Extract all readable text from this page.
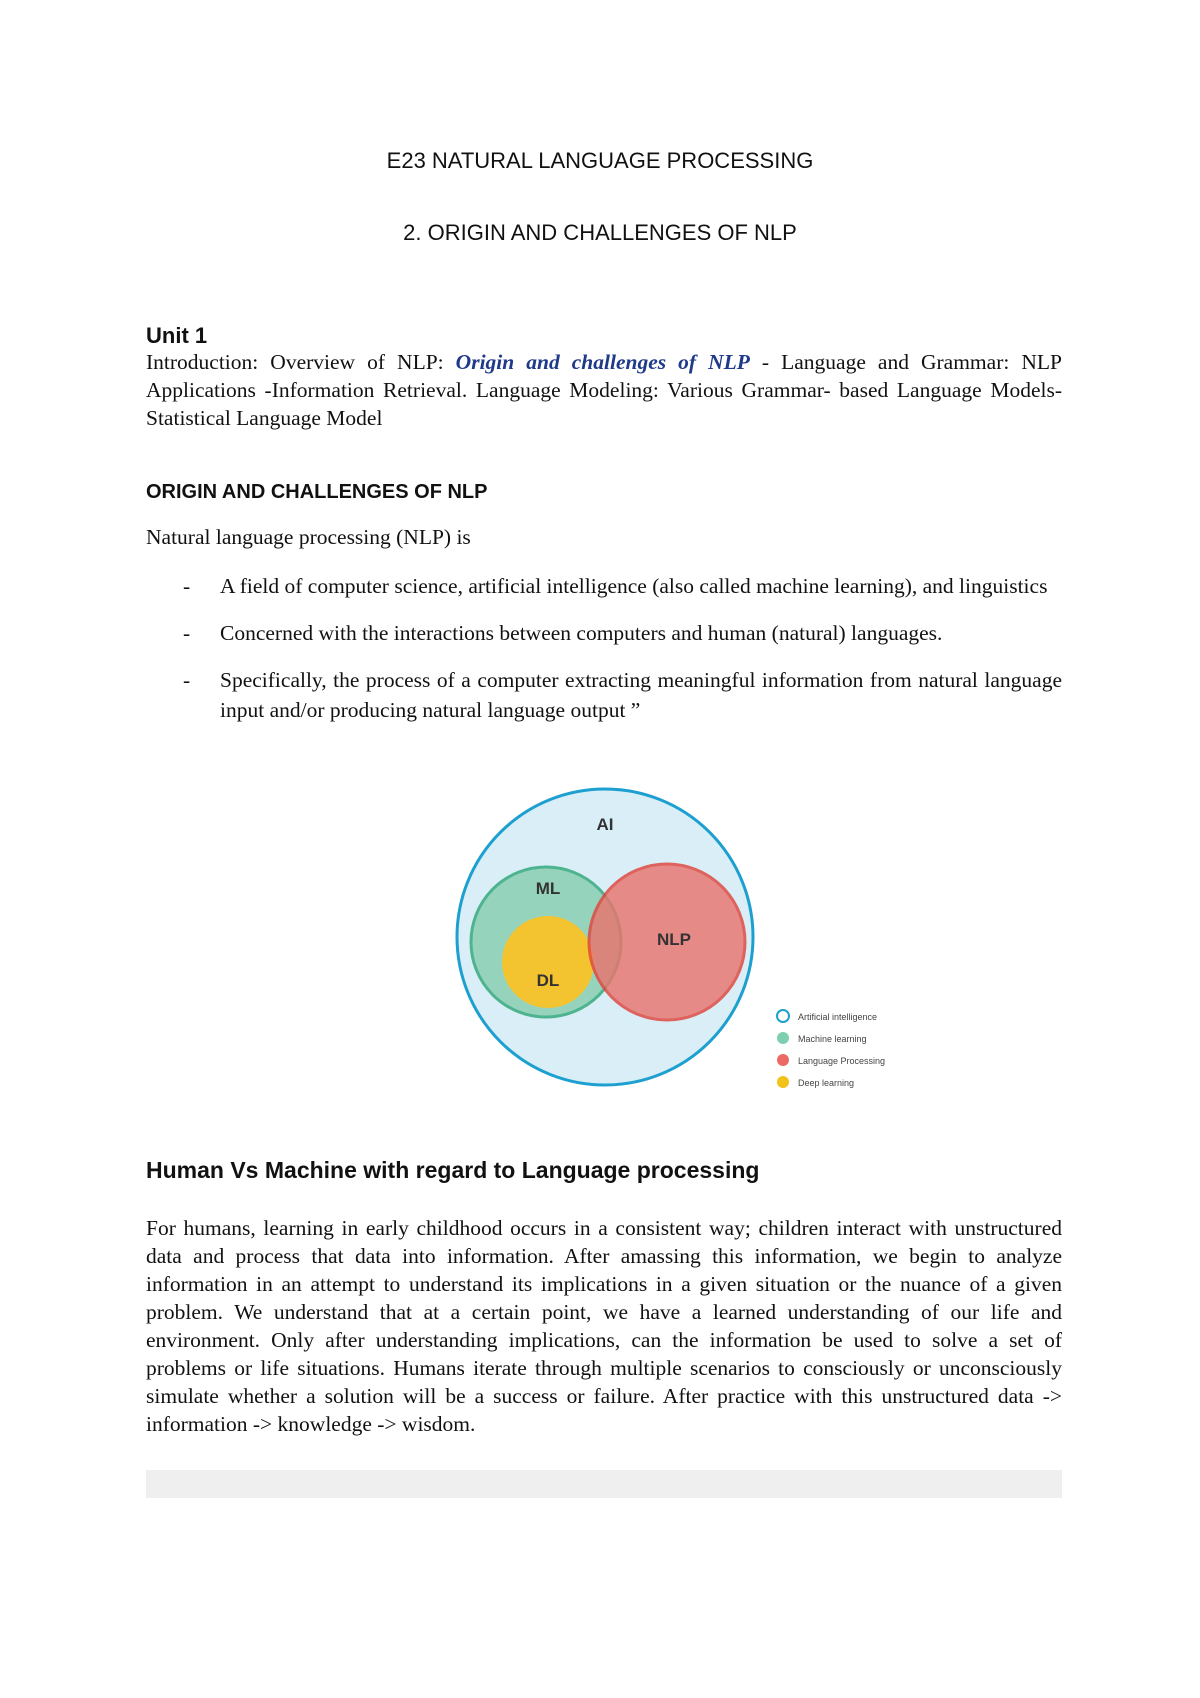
E23 NATURAL LANGUAGE PROCESSING
2. ORIGIN AND CHALLENGES OF NLP
Unit 1
Introduction: Overview of NLP: Origin and challenges of NLP - Language and Grammar: NLP Applications -Information Retrieval. Language Modeling: Various Grammar- based Language Models-Statistical Language Model
ORIGIN AND CHALLENGES OF NLP
Natural language processing (NLP) is
- A field of computer science, artificial intelligence (also called machine learning), and linguistics
- Concerned with the interactions between computers and human (natural) languages.
- Specifically, the process of a computer extracting meaningful information from natural language input and/or producing natural language output ”
AI
ML
DL
NLP
Artificial intelligence
Machine learning
Language Processing
Deep learning
Human Vs Machine with regard to Language processing
For humans, learning in early childhood occurs in a consistent way; children interact with unstructured data and process that data into information. After amassing this information, we begin to analyze information in an attempt to understand its implications in a given situation or the nuance of a given problem. We understand that at a certain point, we have a learned understanding of our life and environment. Only after understanding implications, can the information be used to solve a set of problems or life situations. Humans iterate through multiple scenarios to consciously or unconsciously simulate whether a solution will be a success or failure. After practice with this unstructured data -> information -> knowledge -> wisdom.
